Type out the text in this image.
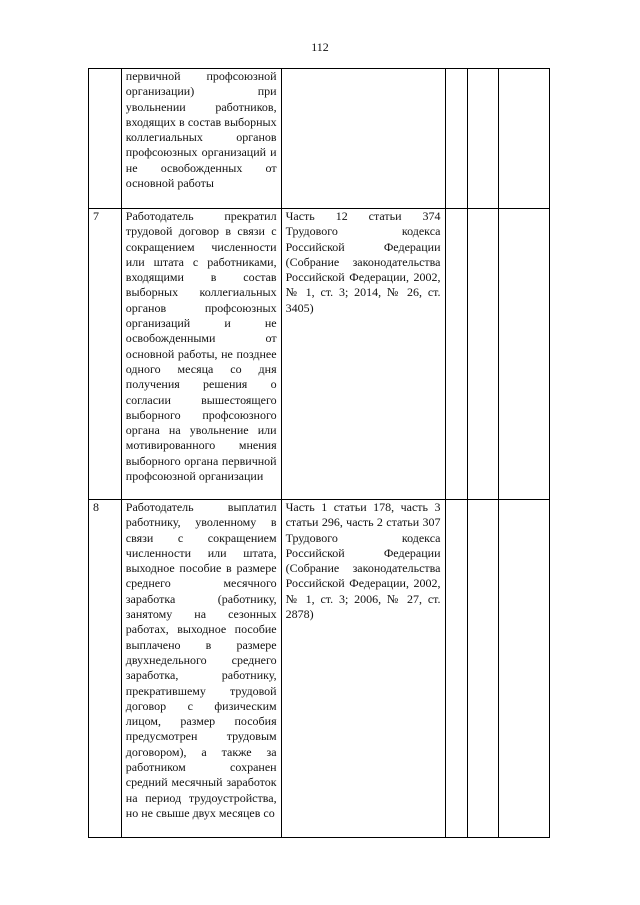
112
	первичной профсоюзной организации) при увольнении работников, входящих в состав выборных коллегиальных органов профсоюзных организаций и не освобожденных от основной работы				
7	Работодатель прекратил трудовой договор в связи с сокращением численности или штата с работниками, входящими в состав выборных коллегиальных органов профсоюзных организаций и не освобожденными от основной работы, не позднее одного месяца со дня получения решения о согласии вышестоящего выборного профсоюзного органа на увольнение или мотивированного мнения выборного органа первичной профсоюзной организации	Часть 12 статьи 374 Трудового кодекса Российской Федерации (Собрание законодательства Российской Федерации, 2002, № 1, ст. 3; 2014, № 26, ст. 3405)			
8	Работодатель выплатил работнику, уволенному в связи с сокращением численности или штата, выходное пособие в размере среднего месячного заработка (работнику, занятому на сезонных работах, выходное пособие выплачено в размере двухнедельного среднего заработка, работнику, прекратившему трудовой договор с физическим лицом, размер пособия предусмотрен трудовым договором), а также за работником сохранен средний месячный заработок на период трудоустройства, но не свыше двух месяцев со	Часть 1 статьи 178, часть 3 статьи 296, часть 2 статьи 307 Трудового кодекса Российской Федерации (Собрание законодательства Российской Федерации, 2002, № 1, ст. 3; 2006, № 27, ст. 2878)			
